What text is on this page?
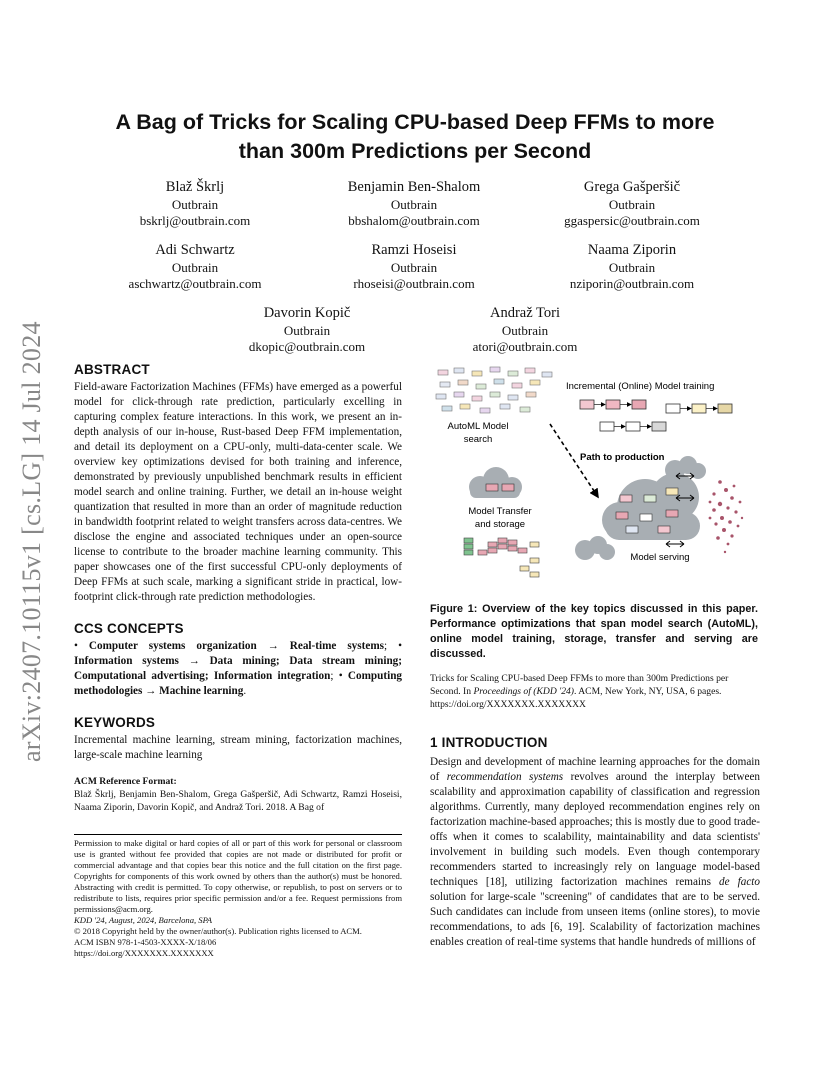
arXiv:2407.10115v1 [cs.LG] 14 Jul 2024
A Bag of Tricks for Scaling CPU-based Deep FFMs to more than 300m Predictions per Second
Blaž Škrlj
Outbrain
bskrlj@outbrain.com
Benjamin Ben-Shalom
Outbrain
bbshalom@outbrain.com
Grega Gašperšič
Outbrain
ggaspersic@outbrain.com
Adi Schwartz
Outbrain
aschwartz@outbrain.com
Ramzi Hoseisi
Outbrain
rhoseisi@outbrain.com
Naama Ziporin
Outbrain
nziporin@outbrain.com
Davorin Kopič
Outbrain
dkopic@outbrain.com
Andraž Tori
Outbrain
atori@outbrain.com
ABSTRACT

Field-aware Factorization Machines (FFMs) have emerged as a powerful model for click-through rate prediction, particularly excelling in capturing complex feature interactions. In this work, we present an in-depth analysis of our in-house, Rust-based Deep FFM implementation, and detail its deployment on a CPU-only, multi-data-center scale. We overview key optimizations devised for both training and inference, demonstrated by previously unpublished benchmark results in efficient model search and online training. Further, we detail an in-house weight quantization that resulted in more than an order of magnitude reduction in bandwidth footprint related to weight transfers across data-centres. We disclose the engine and associated techniques under an open-source license to contribute to the broader machine learning community. This paper showcases one of the first successful CPU-only deployments of Deep FFMs at such scale, marking a significant stride in practical, low-footprint click-through rate prediction methodologies.

CCS CONCEPTS

• Computer systems organization → Real-time systems; • Information systems → Data mining; Data stream mining; Computational advertising; Information integration; • Computing methodologies → Machine learning.

KEYWORDS

Incremental machine learning, stream mining, factorization machines, large-scale machine learning

ACM Reference Format:
Blaž Škrlj, Benjamin Ben-Shalom, Grega Gašperšič, Adi Schwartz, Ramzi Hoseisi, Naama Ziporin, Davorin Kopič, and Andraž Tori. 2018. A Bag of
Permission to make digital or hard copies of all or part of this work for personal or classroom use is granted without fee provided that copies are not made or distributed for profit or commercial advantage and that copies bear this notice and the full citation on the first page. Copyrights for components of this work owned by others than the author(s) must be honored. Abstracting with credit is permitted. To copy otherwise, or republish, to post on servers or to redistribute to lists, requires prior specific permission and/or a fee. Request permissions from permissions@acm.org.
KDD '24, August, 2024, Barcelona, SPA
© 2018 Copyright held by the owner/author(s). Publication rights licensed to ACM.
ACM ISBN 978-1-4503-XXXX-X/18/06
https://doi.org/XXXXXXX.XXXXXXX
AutoML Model
search
Incremental (Online) Model training
Path to production
Model Transfer
and storage
Model serving
Figure 1: Overview of the key topics discussed in this paper. Performance optimizations that span model search (AutoML), online model training, storage, transfer and serving are discussed.
Tricks for Scaling CPU-based Deep FFMs to more than 300m Predictions per Second. In Proceedings of (KDD '24). ACM, New York, NY, USA, 6 pages. https://doi.org/XXXXXXX.XXXXXXX
1 INTRODUCTION

Design and development of machine learning approaches for the domain of recommendation systems revolves around the interplay between scalability and approximation capability of classification and regression algorithms. Currently, many deployed recommendation engines rely on factorization machine-based approaches; this is mostly due to good trade-offs when it comes to scalability, maintainability and data scientists' involvement in building such models. Even though contemporary recommenders started to increasingly rely on language model-based techniques [18], utilizing factorization machines remains de facto solution for large-scale "screening" of candidates that are to be served. Such candidates can include from unseen items (online stores), to movie recommendations, to ads [6, 19]. Scalability of factorization machines enables creation of real-time systems that handle hundreds of millions of
